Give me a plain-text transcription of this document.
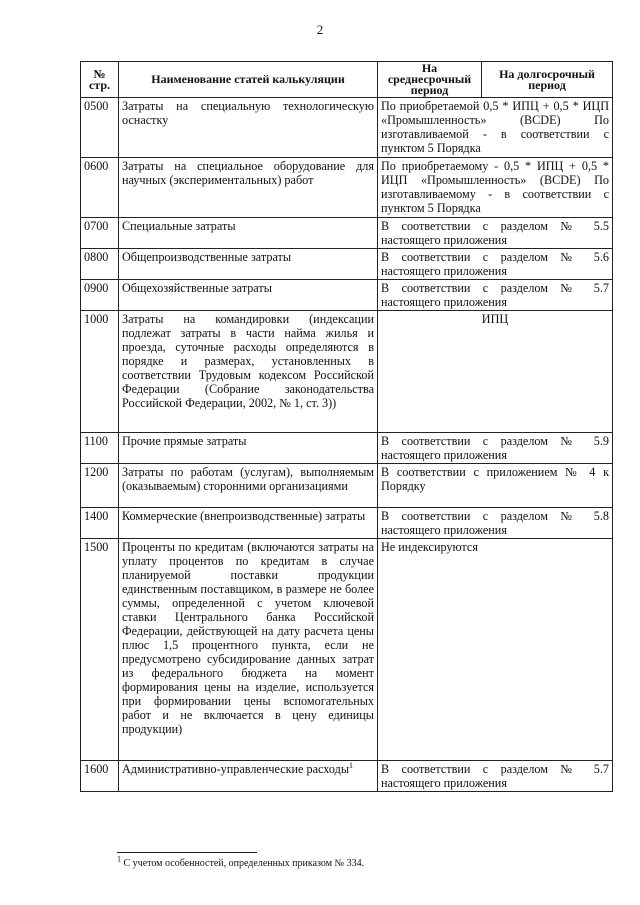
2
№ стр.	Наименование статей калькуляции	На среднесрочный период	На долгосрочный период
0500	Затраты на специальную технологическую оснастку	По приобретаемой 0,5 * ИПЦ + 0,5 * ИЦП «Промышленность» (BCDE) По изготавливаемой - в соответствии с пунктом 5 Порядка	
0600	Затраты на специальное оборудование для научных (экспериментальных) работ	По приобретаемому - 0,5 * ИПЦ + 0,5 * ИЦП «Промышленность» (BCDE) По изготавливаемому - в соответствии с пунктом 5 Порядка	
0700	Специальные затраты	В соответствии с разделом № 5.5 настоящего приложения	
0800	Общепроизводственные затраты	В соответствии с разделом № 5.6 настоящего приложения	
0900	Общехозяйственные затраты	В соответствии с разделом № 5.7 настоящего приложения	
1000	Затраты на командировки (индексации подлежат затраты в части найма жилья и проезда, суточные расходы определяются в порядке и размерах, установленных в соответствии Трудовым кодексом Российской Федерации (Собрание законодательства Российской Федерации, 2002, № 1, ст. 3))	ИПЦ	
1100	Прочие прямые затраты	В соответствии с разделом № 5.9 настоящего приложения	
1200	Затраты по работам (услугам), выполняемым (оказываемым) сторонними организациями	В соответствии с приложением № 4 к Порядку	
1400	Коммерческие (внепроизводственные) затраты	В соответствии с разделом № 5.8 настоящего приложения	
1500	Проценты по кредитам (включаются затраты на уплату процентов по кредитам в случае планируемой поставки продукции единственным поставщиком, в размере не более суммы, определенной с учетом ключевой ставки Центрального банка Российской Федерации, действующей на дату расчета цены плюс 1,5 процентного пункта, если не предусмотрено субсидирование данных затрат из федерального бюджета на момент формирования цены на изделие, используется при формировании цены вспомогательных работ и не включается в цену единицы продукции)	Не индексируются	
1600	Административно-управленческие расходы$^1$	В соответствии с разделом № 5.7 настоящего приложения	
$^1$ С учетом особенностей, определенных приказом № 334.
